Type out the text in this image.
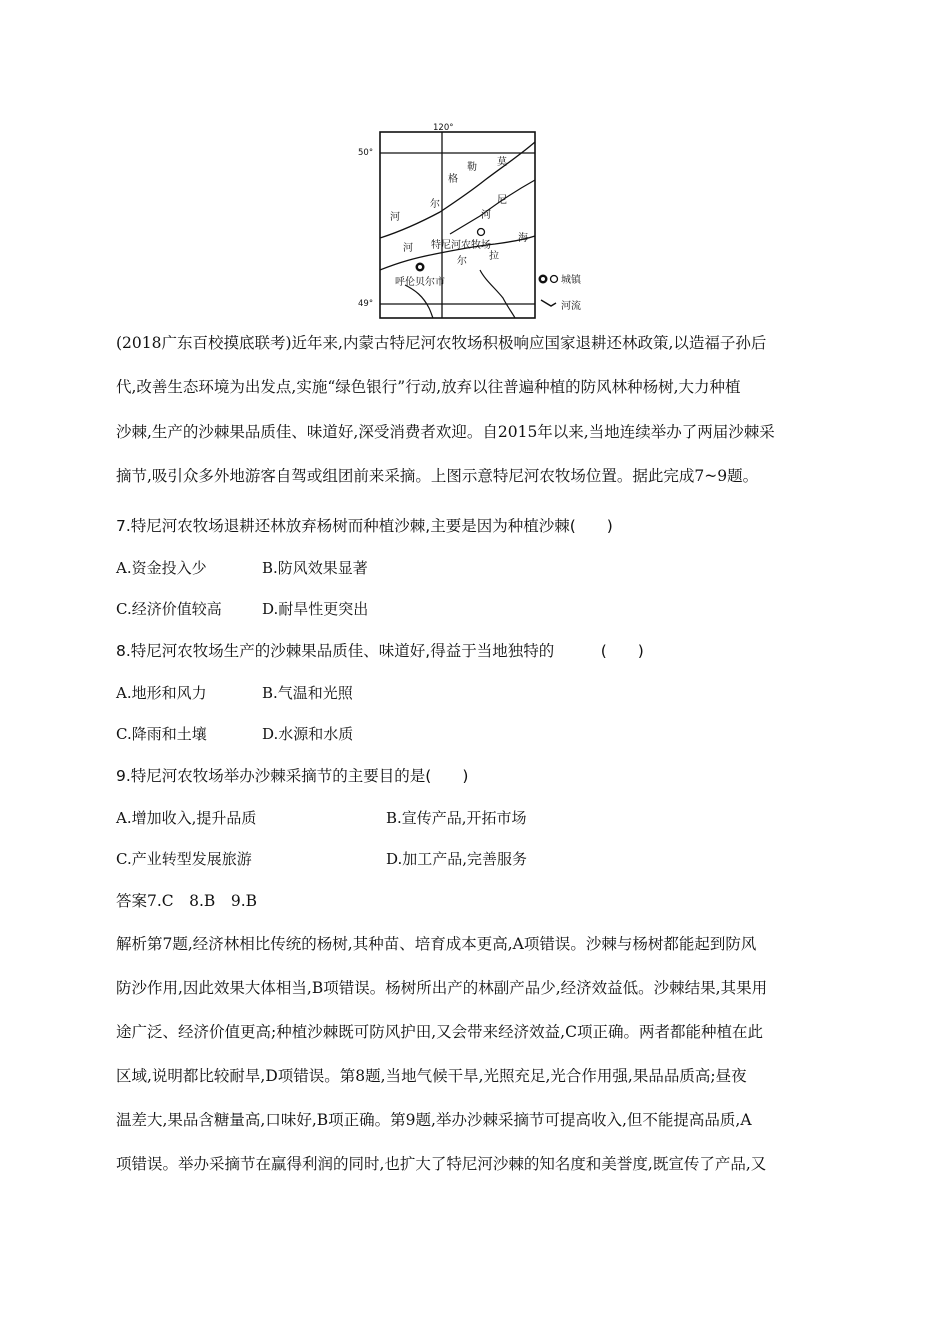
120°
50°
49°
河
尔
格
勒 莫
尼
河
海
拉
尔
河 特尼河农牧场
呼伦贝尔市	城镇
河流
(2018广东百校摸底联考)近年来,内蒙古特尼河农牧场积极响应国家退耕还林政策,以造福子孙后
代,改善生态环境为出发点,实施“绿色银行”行动,放弃以往普遍种植的防风林种杨树,大力种植
沙棘,生产的沙棘果品质佳、味道好,深受消费者欢迎。自2015年以来,当地连续举办了两届沙棘采
摘节,吸引众多外地游客自驾或组团前来采摘。上图示意特尼河农牧场位置。据此完成7~9题。
7.特尼河农牧场退耕还林放弃杨树而种植沙棘,主要是因为种植沙棘(　　)
A.资金投入少	B.防风效果显著
C.经济价值较高	D.耐旱性更突出
8.特尼河农牧场生产的沙棘果品质佳、味道好,得益于当地独特的　　　(　　)
A.地形和风力	B.气温和光照
C.降雨和土壤	D.水源和水质
9.特尼河农牧场举办沙棘采摘节的主要目的是(　　)
A.增加收入,提升品质	B.宣传产品,开拓市场
C.产业转型发展旅游	D.加工产品,完善服务
答案7.C　8.B　9.B
解析第7题,经济林相比传统的杨树,其种苗、培育成本更高,A项错误。沙棘与杨树都能起到防风
防沙作用,因此效果大体相当,B项错误。杨树所出产的林副产品少,经济效益低。沙棘结果,其果用
途广泛、经济价值更高;种植沙棘既可防风护田,又会带来经济效益,C项正确。两者都能种植在此
区域,说明都比较耐旱,D项错误。第8题,当地气候干旱,光照充足,光合作用强,果品品质高;昼夜
温差大,果品含糖量高,口味好,B项正确。第9题,举办沙棘采摘节可提高收入,但不能提高品质,A
项错误。举办采摘节在赢得利润的同时,也扩大了特尼河沙棘的知名度和美誉度,既宣传了产品,又
